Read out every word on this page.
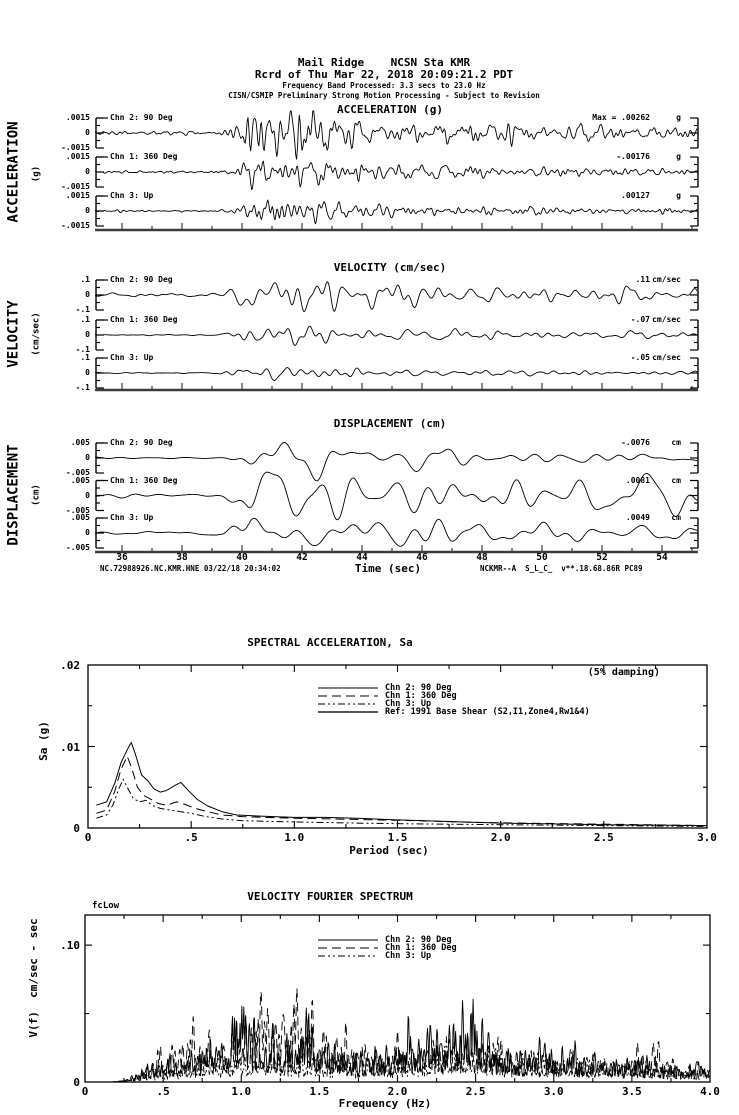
Mail Ridge    NCSN Sta KMR
Rcrd of Thu Mar 22, 2018 20:09:21.2 PDT
Frequency Band Processed: 3.3 secs to 23.0 Hz
CISN/CSMIP Preliminary Strong Motion Processing - Subject to Revision
ACCELERATION (g)
VELOCITY (cm/sec)
DISPLACEMENT (cm)
ACCELERATION (g)
VELOCITY (cm/sec)
DISPLACEMENT (cm)
Time (sec)
NC.72988926.NC.KMR.HNE 03/22/18 20:34:02	NCKMR--A  S_L_C_  v**.18.68.86R PC89
SPECTRAL ACCELERATION, Sa
(5% damping)
Sa (g)
Period (sec)
VELOCITY FOURIER SPECTRUM
fcLow
V(f)  cm/sec - sec
Frequency (Hz)
.0015
0
-.0015
Chn 2: 90 Deg	Max = .00262	g
.0015
0
-.0015
Chn 1: 360 Deg	-.00176	g
.0015
0
-.0015
Chn 3: Up	.00127	g
.1
0
-.1
Chn 2: 90 Deg	.11 cm/sec
.1
0
-.1
Chn 1: 360 Deg	-.07 cm/sec
.1
0
-.1
Chn 3: Up	-.05 cm/sec
36	38	40	42	44	46	48	50	52	54
.005
0
-.005
Chn 2: 90 Deg	-.0076	cm
.005
0
-.005
Chn 1: 360 Deg	.0081	cm
.005
0
-.005
Chn 3: Up	.0049	cm
0	.5	1.0	1.5	2.0	2.5	3.0
.02
.01
0
Chn 2: 90 Deg
Chn 1: 360 Deg
Chn 3: Up
Ref: 1991 Base Shear (S2,I1,Zone4,Rw1&4)
0	.5	1.0	1.5	2.0	2.5	3.0	3.5	4.0
.10
0
Chn 2: 90 Deg
Chn 1: 360 Deg
Chn 3: Up
